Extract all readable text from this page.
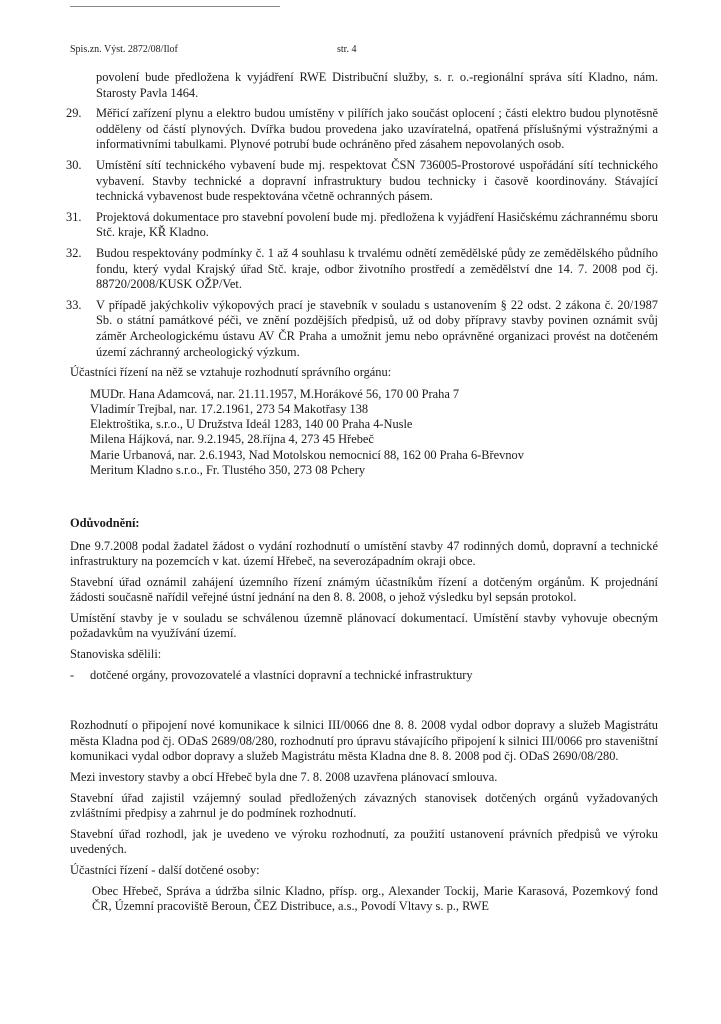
Spis.zn. Výst. 2872/08/Ilof	str. 4
povolení bude předložena k vyjádření RWE Distribuční služby, s. r. o.-regionální správa sítí Kladno, nám. Starosty Pavla 1464.
29. Měřicí zařízení plynu a elektro budou umístěny v pilířích jako součást oplocení ; části elektro budou plynotěsně odděleny od částí plynových. Dvířka budou provedena jako uzavíratelná, opatřená příslušnými výstražnými a informativními tabulkami. Plynové potrubí bude ochráněno před zásahem nepovolaných osob.
30. Umístění sítí technického vybavení bude mj. respektovat ČSN 736005-Prostorové uspořádání sítí technického vybavení. Stavby technické a dopravní infrastruktury budou technicky i časově koordinovány. Stávající technická vybavenost bude respektována včetně ochranných pásem.
31. Projektová dokumentace pro stavební povolení bude mj. předložena k vyjádření Hasičskému záchrannému sboru Stč. kraje, KŘ Kladno.
32. Budou respektovány podmínky č. 1 až 4 souhlasu k trvalému odnětí zemědělské půdy ze zemědělského půdního fondu, který vydal Krajský úřad Stč. kraje, odbor životního prostředí a zemědělství dne 14. 7. 2008 pod čj. 88720/2008/KUSK OŽP/Vet.
33. V případě jakýchkoliv výkopových prací je stavebník v souladu s ustanovením § 22 odst. 2 zákona č. 20/1987 Sb. o státní památkové péči, ve znění pozdějších předpisů, už od doby přípravy stavby povinen oznámit svůj záměr Archeologickému ústavu AV ČR Praha a umožnit jemu nebo oprávněné organizaci provést na dotčeném území záchranný archeologický výzkum.

Účastníci řízení na něž se vztahuje rozhodnutí správního orgánu:

MUDr. Hana Adamcová, nar. 21.11.1957, M.Horákové 56, 170 00 Praha 7
Vladimír Trejbal, nar. 17.2.1961, 273 54 Makotřasy 138
Elektroštika, s.r.o., U Družstva Ideál 1283, 140 00 Praha 4-Nusle
Milena Hájková, nar. 9.2.1945, 28.října 4, 273 45 Hřebeč
Marie Urbanová, nar. 2.6.1943, Nad Motolskou nemocnicí 88, 162 00 Praha 6-Břevnov
Meritum Kladno s.r.o., Fr. Tlustého 350, 273 08 Pchery
Odůvodnění:

Dne 9.7.2008 podal žadatel žádost o vydání rozhodnutí o umístění stavby 47 rodinných domů, dopravní a technické infrastruktury na pozemcích v kat. území Hřebeč, na severozápadním okraji obce.

Stavební úřad oznámil zahájení územního řízení známým účastníkům řízení a dotčeným orgánům. K projednání žádosti současně nařídil veřejné ústní jednání na den 8. 8. 2008, o jehož výsledku byl sepsán protokol.

Umístění stavby je v souladu se schválenou územně plánovací dokumentací. Umístění stavby vyhovuje obecným požadavkům na využívání území.

Stanoviska sdělili:

- dotčené orgány, provozovatelé a vlastníci dopravní a technické infrastruktury

Rozhodnutí o připojení nové komunikace k silnici III/0066 dne 8. 8. 2008 vydal odbor dopravy a služeb Magistrátu města Kladna pod čj. ODaS 2689/08/280, rozhodnutí pro úpravu stávajícího připojení k silnici III/0066 pro staveništní komunikaci vydal odbor dopravy a služeb Magistrátu města Kladna dne 8. 8. 2008 pod čj. ODaS 2690/08/280.

Mezi investory stavby a obcí Hřebeč byla dne 7. 8. 2008 uzavřena plánovací smlouva.

Stavební úřad zajistil vzájemný soulad předložených závazných stanovisek dotčených orgánů vyžadovaných zvláštními předpisy a zahrnul je do podmínek rozhodnutí.

Stavební úřad rozhodl, jak je uvedeno ve výroku rozhodnutí, za použití ustanovení právních předpisů ve výroku uvedených.

Účastníci řízení - další dotčené osoby:

Obec Hřebeč, Správa a údržba silnic Kladno, přísp. org., Alexander Tockij, Marie Karasová, Pozemkový fond ČR, Územní pracoviště Beroun, ČEZ Distribuce, a.s., Povodí Vltavy s. p., RWE
